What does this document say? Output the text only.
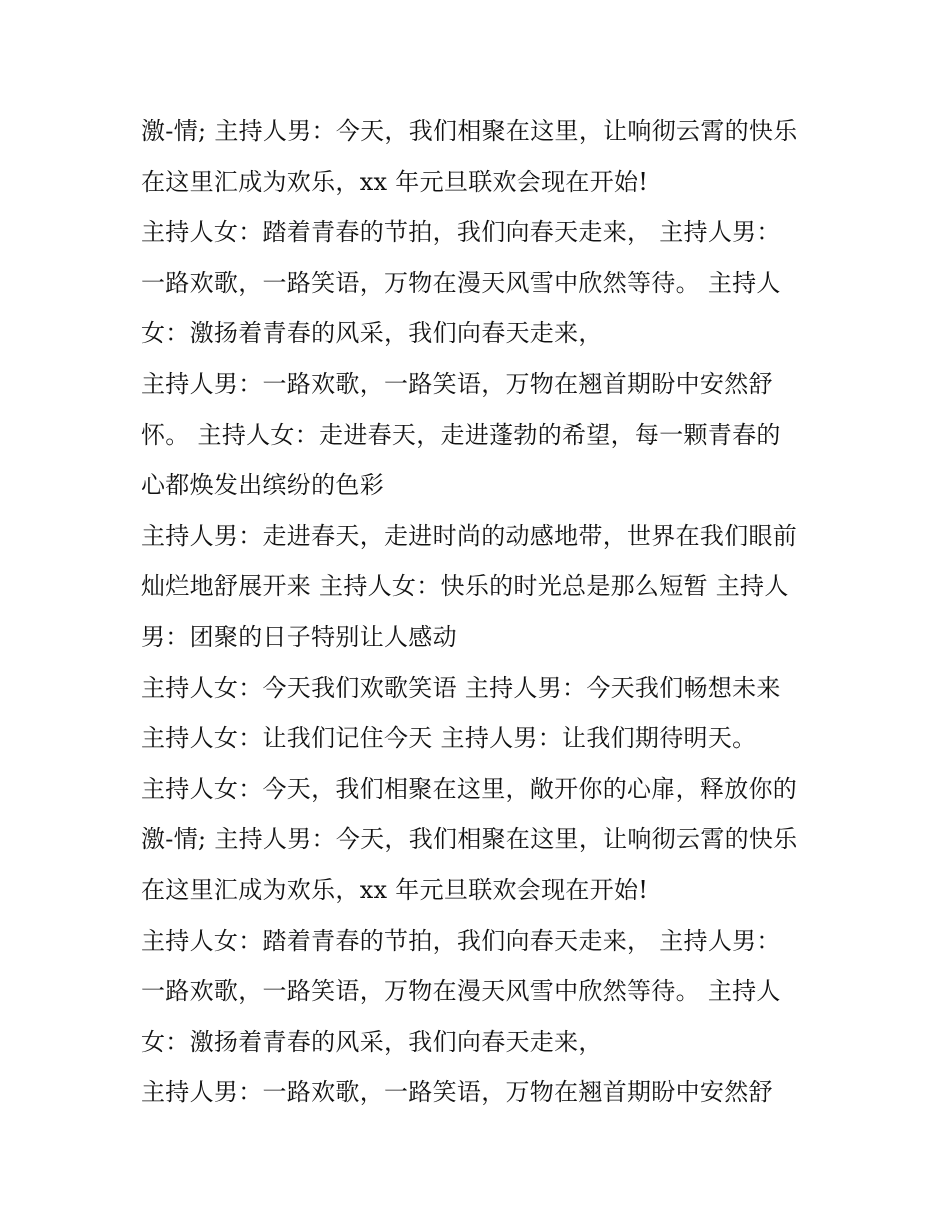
激-情; 主持人男：今天，我们相聚在这里，让响彻云霄的快乐
在这里汇成为欢乐，xx 年元旦联欢会现在开始!
主持人女：踏着青春的节拍，我们向春天走来， 主持人男：
一路欢歌，一路笑语，万物在漫天风雪中欣然等待。 主持人
女：激扬着青春的风采，我们向春天走来，
主持人男：一路欢歌，一路笑语，万物在翘首期盼中安然舒
怀。 主持人女：走进春天，走进蓬勃的希望，每一颗青春的
心都焕发出缤纷的色彩
主持人男：走进春天，走进时尚的动感地带，世界在我们眼前
灿烂地舒展开来 主持人女：快乐的时光总是那么短暂 主持人
男：团聚的日子特别让人感动
主持人女：今天我们欢歌笑语 主持人男：今天我们畅想未来
主持人女：让我们记住今天 主持人男：让我们期待明天。
主持人女：今天，我们相聚在这里，敞开你的心扉，释放你的
激-情; 主持人男：今天，我们相聚在这里，让响彻云霄的快乐
在这里汇成为欢乐，xx 年元旦联欢会现在开始!
主持人女：踏着青春的节拍，我们向春天走来， 主持人男：
一路欢歌，一路笑语，万物在漫天风雪中欣然等待。 主持人
女：激扬着青春的风采，我们向春天走来，
主持人男：一路欢歌，一路笑语，万物在翘首期盼中安然舒
